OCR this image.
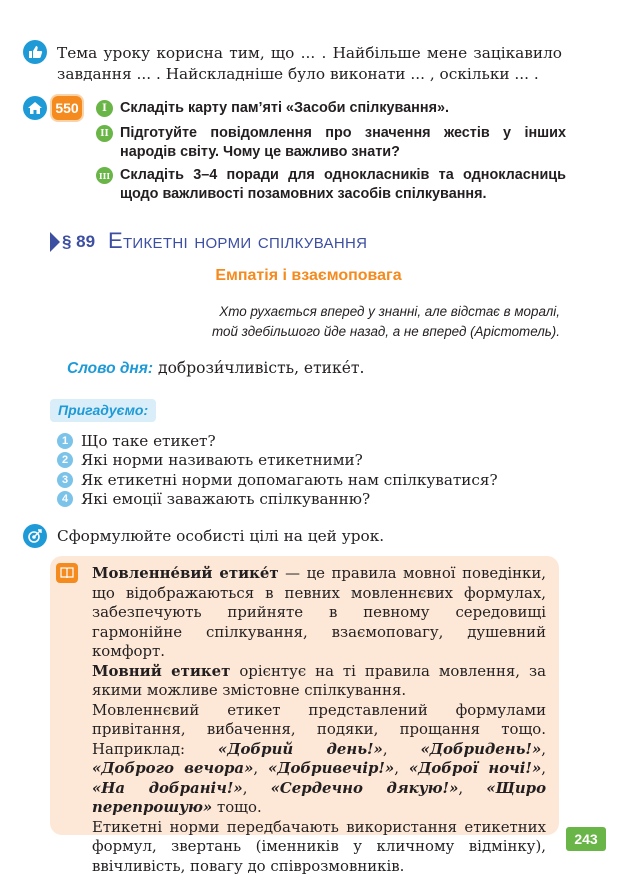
Тема уроку корисна тим, що ... . Найбільше мене зацікавило завдання ... . Найскладніше було виконати ... , оскільки ... .
550	I Складіть карту пам’яті «Засоби спілкування».
II Підготуйте повідомлення про значення жестів у інших народів світу. Чому це важливо знати?
III Складіть 3–4 поради для однокласників та однокласниць щодо важливості позамовних засобів спілкування.
§ 89 Етикетні норми спілкування
Емпатія і взаємоповага
Хто рухається вперед у знанні, але відстає в моралі,
той здебільшого йде назад, а не вперед (Арістотель).
Слово дня: добрози́чливість, етике́т.
Пригадуємо:
1 Що таке етикет?
2 Які норми називають етикетними?
3 Як етикетні норми допомагають нам спілкуватися?
4 Які емоції заважають спілкуванню?
Сформулюйте особисті цілі на цей урок.

Мовленне́вий етике́т — це правила мовної поведінки, що відображаються в певних мовленнєвих формулах, забезпечують прийняте в певному середовищі гармонійне спілкування, взаємоповагу, душевний комфорт.

Мовний етикет орієнтує на ті правила мовлення, за якими можливе змістовне спілкування.

Мовленнєвий етикет представлений формулами привітання, вибачення, подяки, прощання тощо. Наприклад: «Добрий день!», «Добридень!», «Доброго вечора», «Добривечір!», «Доброї ночі!», «На добраніч!», «Сердечно дякую!», «Щиро перепрошую» тощо.

Етикетні норми передбачають використання етикетних формул, звертань (іменників у кличному відмінку), ввічливість, повагу до співрозмовників.

243
